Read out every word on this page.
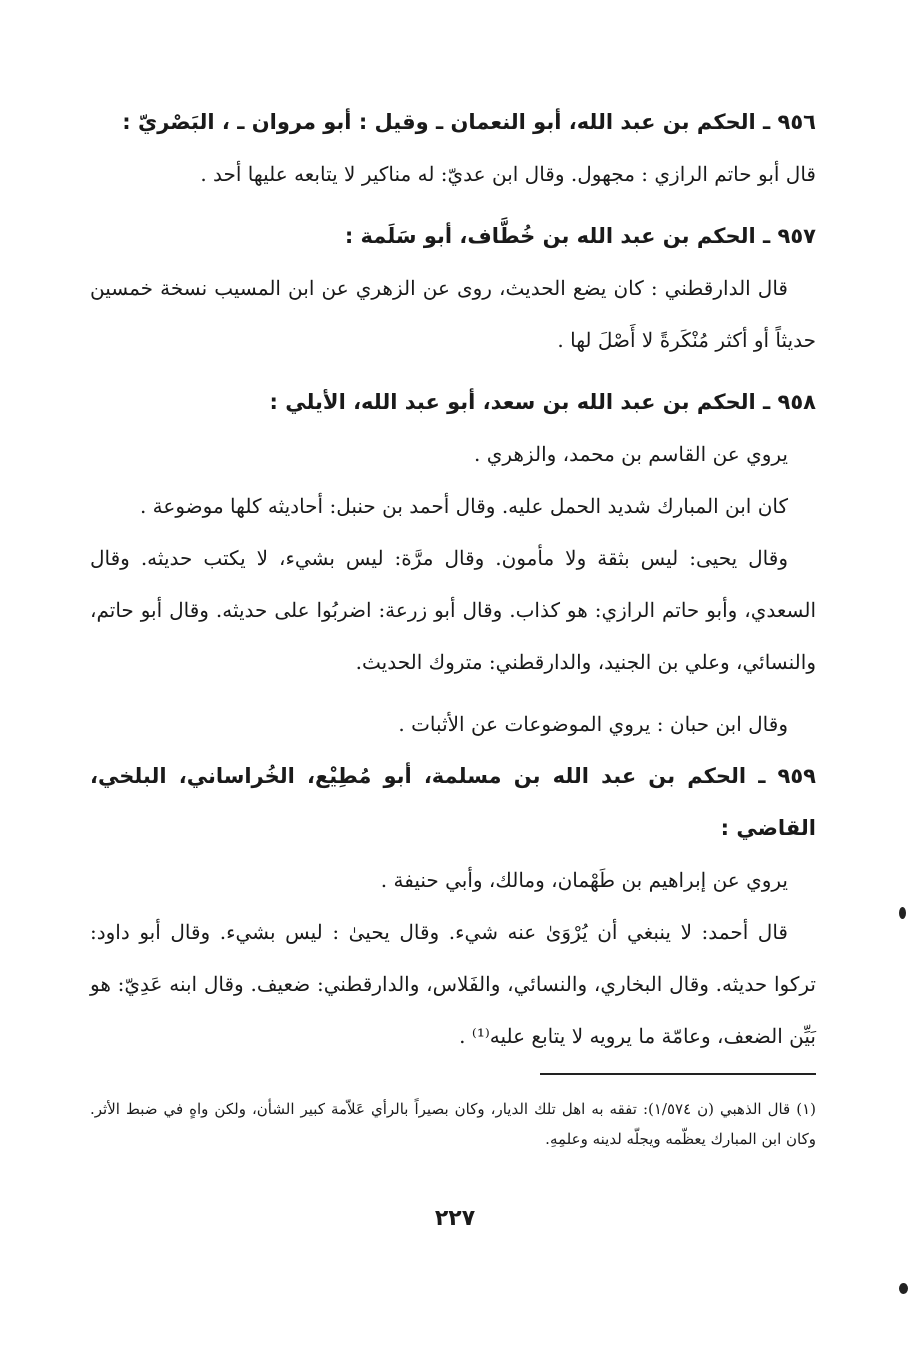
٩٥٦ ـ الحكم بن عبد الله، أبو النعمان ـ وقيل : أبو مروان ـ ، البَصْريّ :

قال أبو حاتم الرازي : مجهول. وقال ابن عديّ: له مناكير لا يتابعه عليها أحد .

٩٥٧ ـ الحكم بن عبد الله بن خُطَّاف، أبو سَلَمة :

قال الدارقطني : كان يضع الحديث، روى عن الزهري عن ابن المسيب نسخة خمسين حديثاً أو أكثر مُنْكَرةً لا أَصْلَ لها .

٩٥٨ ـ الحكم بن عبد الله بن سعد، أبو عبد الله، الأيلي :

يروي عن القاسم بن محمد، والزهري .

كان ابن المبارك شديد الحمل عليه. وقال أحمد بن حنبل: أحاديثه كلها موضوعة .

وقال يحيى: ليس بثقة ولا مأمون. وقال مرَّة: ليس بشيء، لا يكتب حديثه. وقال السعدي، وأبو حاتم الرازي: هو كذاب. وقال أبو زرعة: اضربُوا على حديثه. وقال أبو حاتم، والنسائي، وعلي بن الجنيد، والدارقطني: متروك الحديث.

وقال ابن حبان : يروي الموضوعات عن الأثبات .

٩٥٩ ـ الحكم بن عبد الله بن مسلمة، أبو مُطِيْع، الخُراساني، البلخي، القاضي :

يروي عن إبراهيم بن طَهْمان، ومالك، وأبي حنيفة .

قال أحمد: لا ينبغي أن يُرْوَىٰ عنه شيء. وقال يحيىٰ : ليس بشيء. وقال أبو داود: تركوا حديثه. وقال البخاري، والنسائي، والفَلاس، والدارقطني: ضعيف. وقال ابنه عَدِيّ: هو بَيِّن الضعف، وعامّة ما يرويه لا يتابع عليه⁽¹⁾ .

(١) قال الذهبي (ن ١/٥٧٤): تفقه به اهل تلك الديار، وكان بصيراً بالرأي عَلاّمة كبير الشأن، ولكن واهٍ في ضبط الأثر. وكان ابن المبارك يعظّمه ويجلّه لدينه وعلمِهِ.
٢٢٧
